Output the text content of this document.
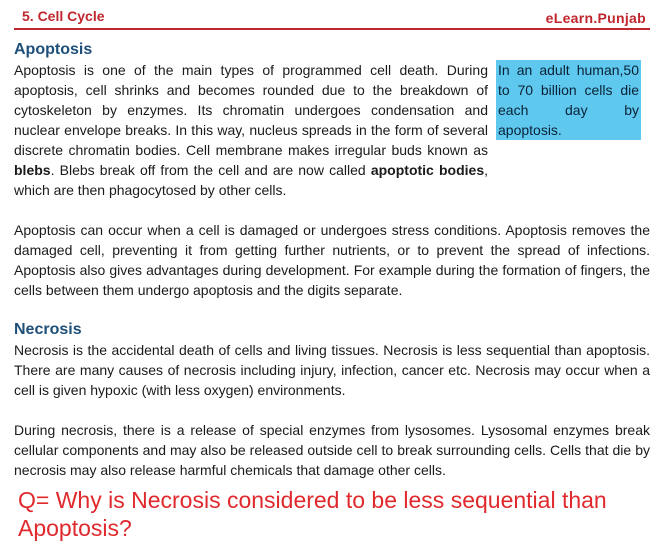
5. Cell Cycle	eLearn.Punjab
Apoptosis
Apoptosis is one of the main types of programmed cell death. During apoptosis, cell shrinks and becomes rounded due to the breakdown of cytoskeleton by enzymes. Its chromatin undergoes condensation and nuclear envelope breaks. In this way, nucleus spreads in the form of several discrete chromatin bodies. Cell membrane makes irregular buds known as blebs. Blebs break off from the cell and are now called apoptotic bodies, which are then phagocytosed by other cells.
In an adult human,50 to 70 billion cells die each day by apoptosis.

Apoptosis can occur when a cell is damaged or undergoes stress conditions. Apoptosis removes the damaged cell, preventing it from getting further nutrients, or to prevent the spread of infections. Apoptosis also gives advantages during development. For example during the formation of fingers, the cells between them undergo apoptosis and the digits separate.

Necrosis

Necrosis is the accidental death of cells and living tissues. Necrosis is less sequential than apoptosis. There are many causes of necrosis including injury, infection, cancer etc. Necrosis may occur when a cell is given hypoxic (with less oxygen) environments.

During necrosis, there is a release of special enzymes from lysosomes. Lysosomal enzymes break cellular components and may also be released outside cell to break surrounding cells. Cells that die by necrosis may also release harmful chemicals that damage other cells.

Q= Why is Necrosis considered to be less sequential than Apoptosis?
